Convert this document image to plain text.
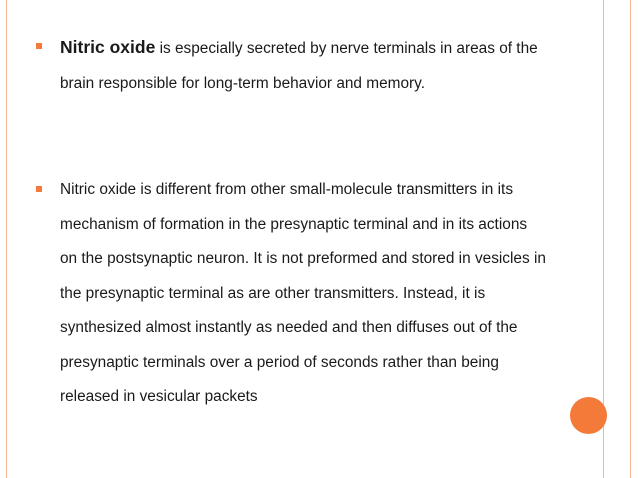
Nitric oxide is especially secreted by nerve terminals in areas of the brain responsible for long-term behavior and memory.
Nitric oxide is different from other small-molecule transmitters in its mechanism of formation in the presynaptic terminal and in its actions on the postsynaptic neuron. It is not preformed and stored in vesicles in the presynaptic terminal as are other transmitters. Instead, it is synthesized almost instantly as needed and then diffuses out of the presynaptic terminals over a period of seconds rather than being released in vesicular packets
